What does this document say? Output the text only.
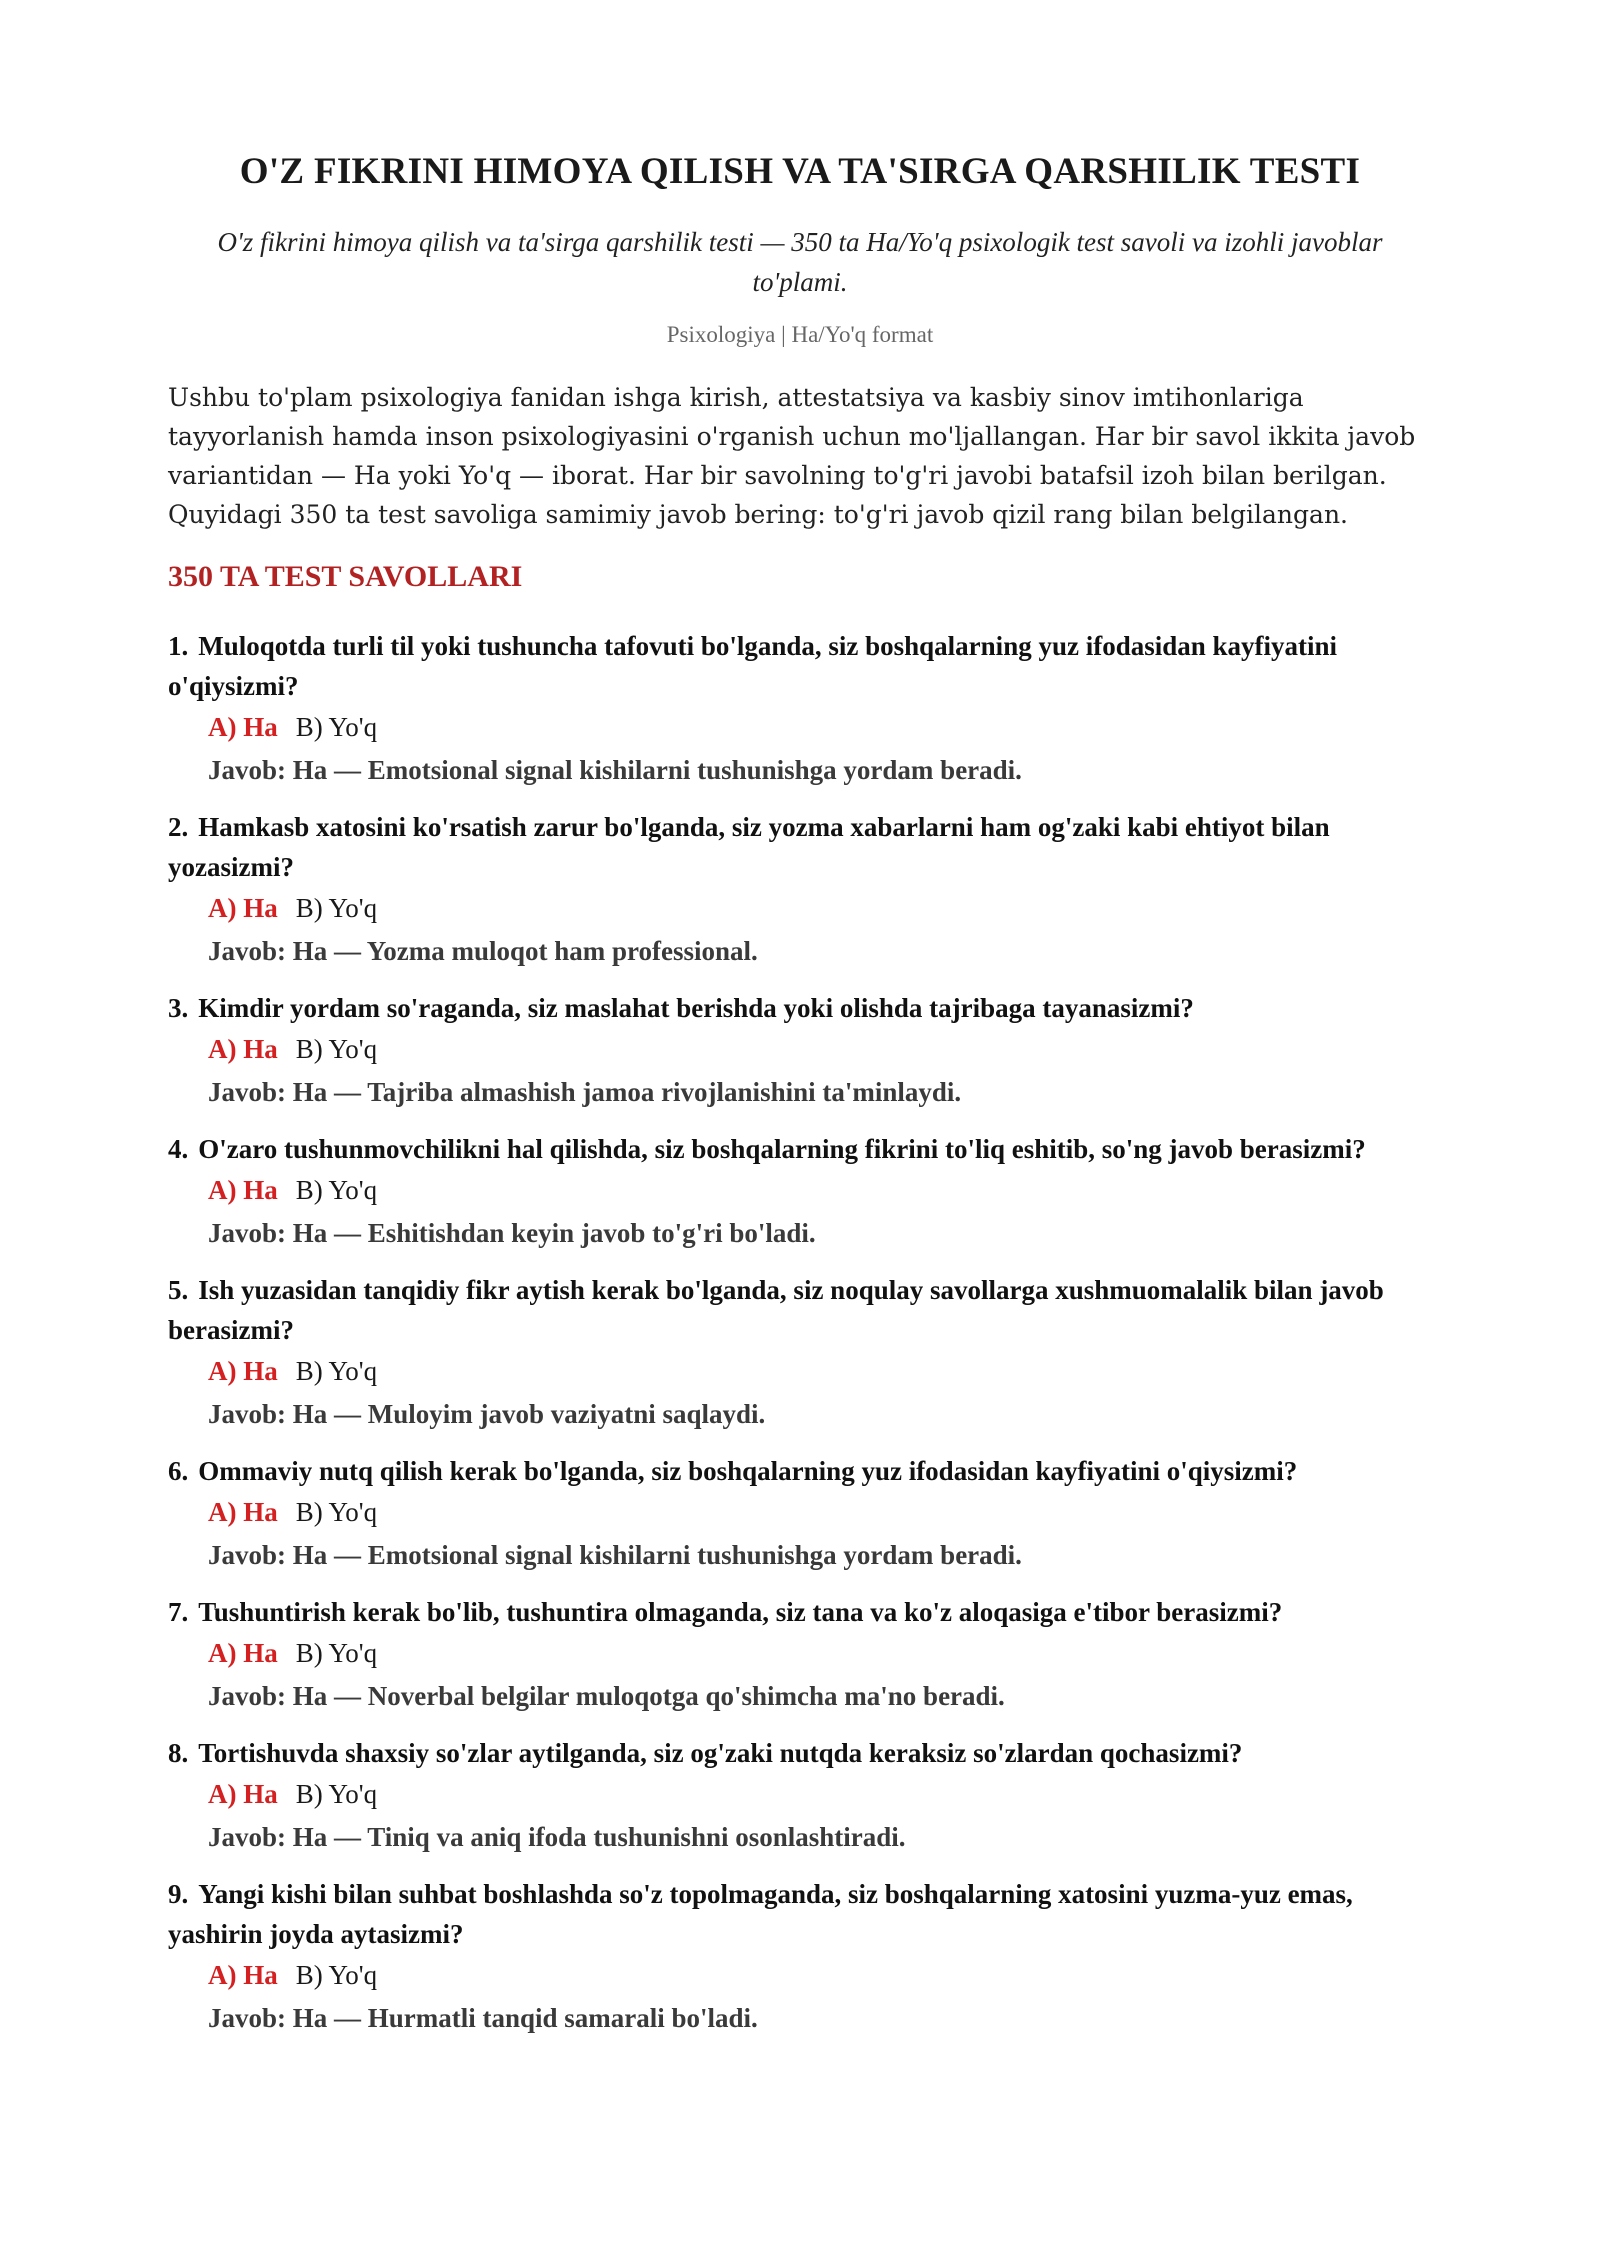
O'Z FIKRINI HIMOYA QILISH VA TA'SIRGA QARSHILIK TESTI
O'z fikrini himoya qilish va ta'sirga qarshilik testi — 350 ta Ha/Yo'q psixologik test savoli va izohli javoblar to'plami.
Psixologiya | Ha/Yo'q format
Ushbu to'plam psixologiya fanidan ishga kirish, attestatsiya va kasbiy sinov imtihonlariga tayyorlanish hamda inson psixologiyasini o'rganish uchun mo'ljallangan. Har bir savol ikkita javob variantidan — Ha yoki Yo'q — iborat. Har bir savolning to'g'ri javobi batafsil izoh bilan berilgan. Quyidagi 350 ta test savoliga samimiy javob bering: to'g'ri javob qizil rang bilan belgilangan.
350 TA TEST SAVOLLARI
1. Muloqotda turli til yoki tushuncha tafovuti bo'lganda, siz boshqalarning yuz ifodasidan kayfiyatini o'qiysizmi?
A) Ha B) Yo'q
Javob: Ha — Emotsional signal kishilarni tushunishga yordam beradi.
2. Hamkasb xatosini ko'rsatish zarur bo'lganda, siz yozma xabarlarni ham og'zaki kabi ehtiyot bilan yozasizmi?
A) Ha B) Yo'q
Javob: Ha — Yozma muloqot ham professional.
3. Kimdir yordam so'raganda, siz maslahat berishda yoki olishda tajribaga tayanasizmi?
A) Ha B) Yo'q
Javob: Ha — Tajriba almashish jamoa rivojlanishini ta'minlaydi.
4. O'zaro tushunmovchilikni hal qilishda, siz boshqalarning fikrini to'liq eshitib, so'ng javob berasizmi?
A) Ha B) Yo'q
Javob: Ha — Eshitishdan keyin javob to'g'ri bo'ladi.
5. Ish yuzasidan tanqidiy fikr aytish kerak bo'lganda, siz noqulay savollarga xushmuomalalik bilan javob berasizmi?
A) Ha B) Yo'q
Javob: Ha — Muloyim javob vaziyatni saqlaydi.
6. Ommaviy nutq qilish kerak bo'lganda, siz boshqalarning yuz ifodasidan kayfiyatini o'qiysizmi?
A) Ha B) Yo'q
Javob: Ha — Emotsional signal kishilarni tushunishga yordam beradi.
7. Tushuntirish kerak bo'lib, tushuntira olmaganda, siz tana va ko'z aloqasiga e'tibor berasizmi?
A) Ha B) Yo'q
Javob: Ha — Noverbal belgilar muloqotga qo'shimcha ma'no beradi.
8. Tortishuvda shaxsiy so'zlar aytilganda, siz og'zaki nutqda keraksiz so'zlardan qochasizmi?
A) Ha B) Yo'q
Javob: Ha — Tiniq va aniq ifoda tushunishni osonlashtiradi.
9. Yangi kishi bilan suhbat boshlashda so'z topolmaganda, siz boshqalarning xatosini yuzma-yuz emas, yashirin joyda aytasizmi?
A) Ha B) Yo'q
Javob: Ha — Hurmatli tanqid samarali bo'ladi.
